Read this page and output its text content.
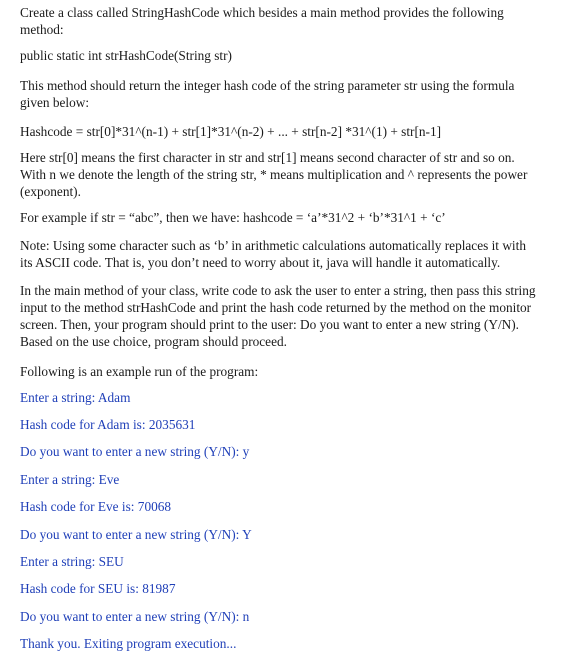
Create a class called StringHashCode which besides a main method provides the following
method:
public static int strHashCode(String str)
This method should return the integer hash code of the string parameter str using the formula
given below:
Hashcode = str[0]*31^(n-1) + str[1]*31^(n-2) + ... + str[n-2] *31^(1) + str[n-1]
Here str[0] means the first character in str and str[1] means second character of str and so on.
With n we denote the length of the string str, * means multiplication and ^ represents the power
(exponent).
For example if str = “abc”, then we have: hashcode = ‘a’*31^2 + ‘b’*31^1 + ‘c’
Note: Using some character such as ‘b’ in arithmetic calculations automatically replaces it with
its ASCII code. That is, you don’t need to worry about it, java will handle it automatically.
In the main method of your class, write code to ask the user to enter a string, then pass this string
input to the method strHashCode and print the hash code returned by the method on the monitor
screen. Then, your program should print to the user: Do you want to enter a new string (Y/N).
Based on the use choice, program should proceed.
Following is an example run of the program:
Enter a string: Adam
Hash code for Adam is: 2035631
Do you want to enter a new string (Y/N): y
Enter a string: Eve
Hash code for Eve is: 70068
Do you want to enter a new string (Y/N): Y
Enter a string: SEU
Hash code for SEU is: 81987
Do you want to enter a new string (Y/N): n
Thank you. Exiting program execution...
